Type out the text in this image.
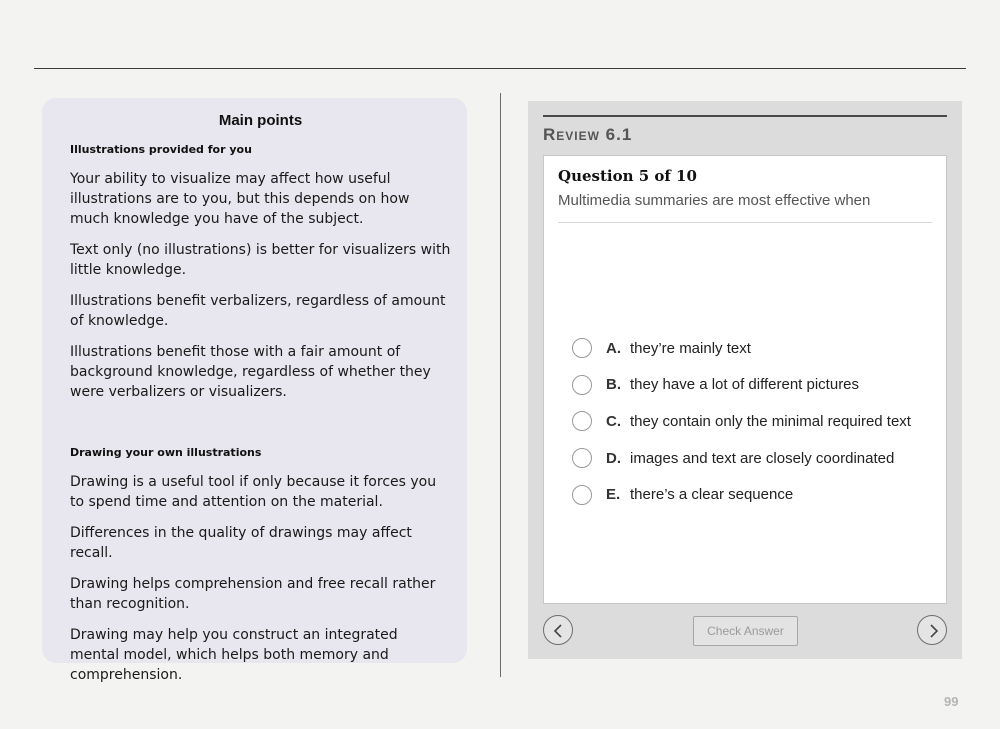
Main points
Illustrations provided for you

Your ability to visualize may affect how useful illustrations are to you, but this depends on how much knowledge you have of the subject.

Text only (no illustrations) is better for visualizers with little knowledge.

Illustrations benefit verbalizers, regardless of amount of knowledge.

Illustrations benefit those with a fair amount of background knowledge, regardless of whether they were verbalizers or visualizers.

Drawing your own illustrations

Drawing is a useful tool if only because it forces you to spend time and attention on the material.

Differences in the quality of drawings may affect recall.

Drawing helps comprehension and free recall rather than recognition.

Drawing may help you construct an integrated mental model, which helps both memory and comprehension.

Review 6.1
Question 5 of 10
Multimedia summaries are most effective when
A. they’re mainly text
B. they have a lot of different pictures
C. they contain only the minimal required text
D. images and text are closely coordinated
E. there’s a clear sequence
Check Answer
99
